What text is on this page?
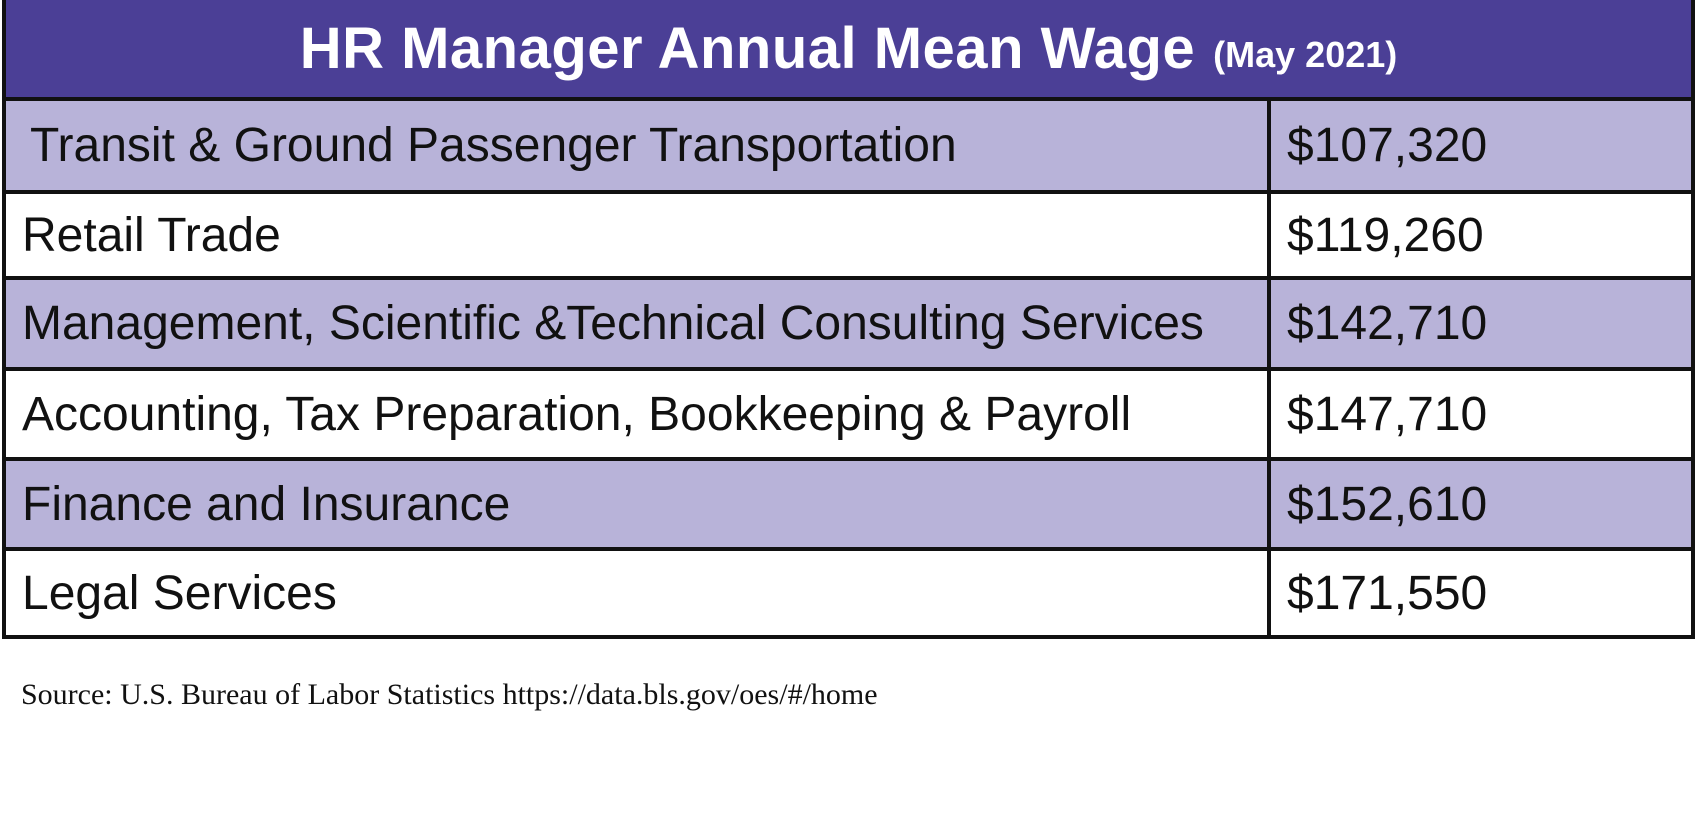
HR Manager Annual Mean Wage (May 2021)
Transit & Ground Passenger Transportation	$107,320
Retail Trade	$119,260
Management, Scientific &Technical Consulting Services	$142,710
Accounting, Tax Preparation, Bookkeeping & Payroll	$147,710
Finance and Insurance	$152,610
Legal Services	$171,550
Source: U.S. Bureau of Labor Statistics https://data.bls.gov/oes/#/home
